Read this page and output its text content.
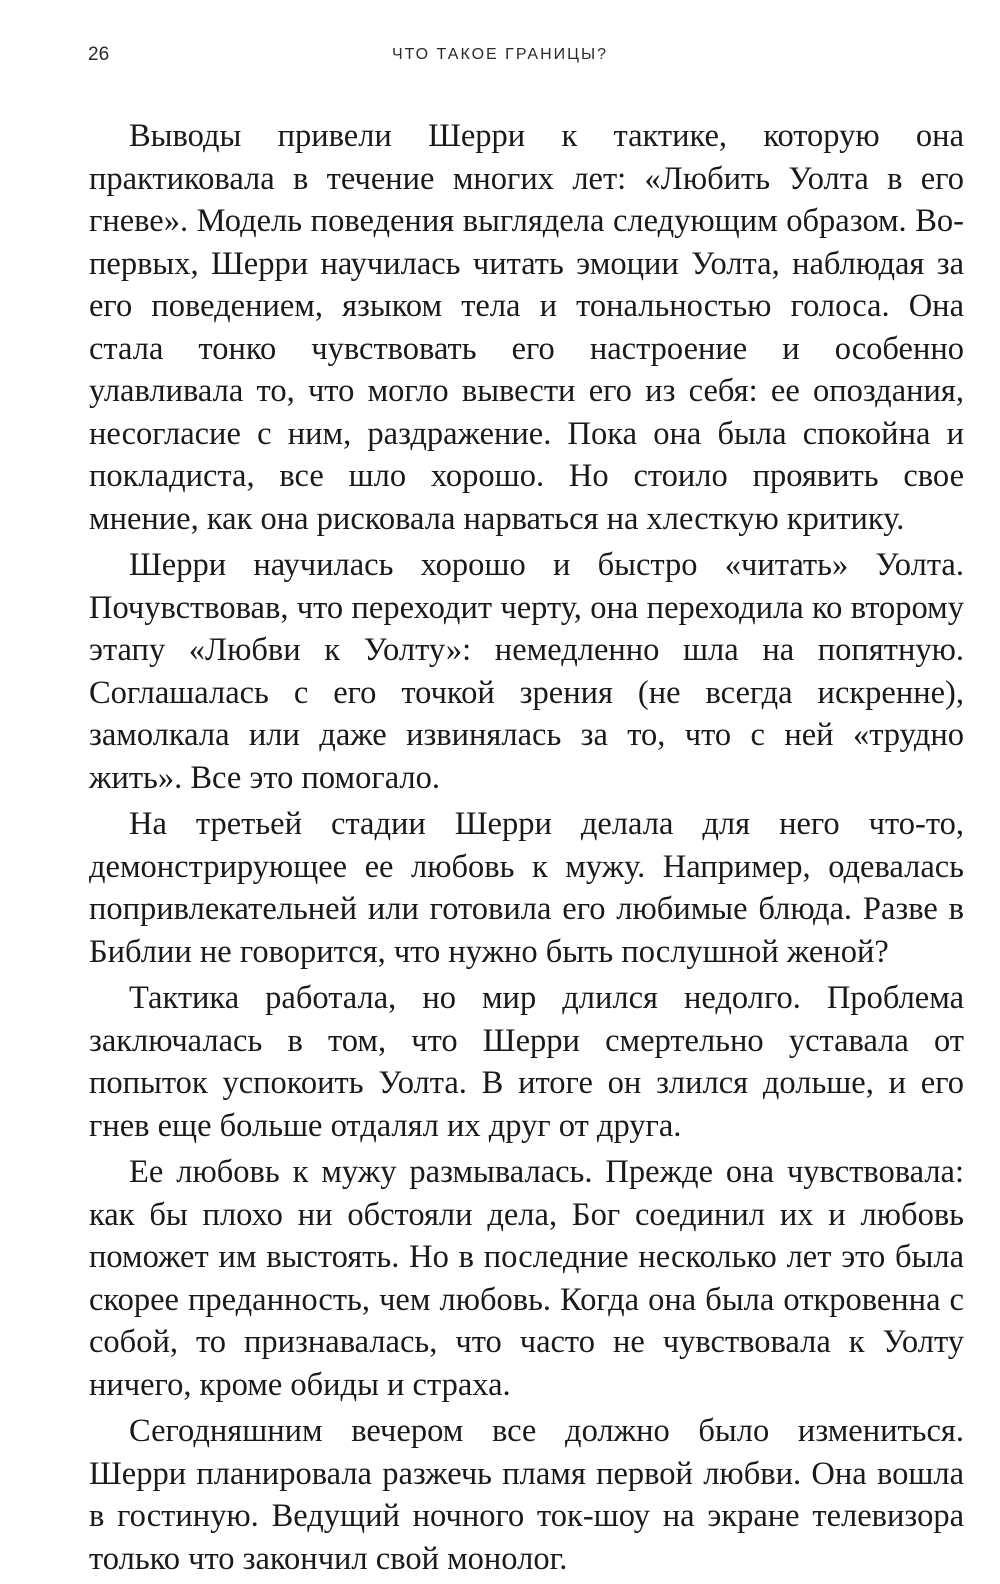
26	ЧТО ТАКОЕ ГРАНИЦЫ?

Выводы привели Шерри к тактике, которую она практиковала в течение многих лет: «Любить Уолта в его гневе». Модель поведения выглядела следующим образом. Во-первых, Шерри научилась читать эмоции Уолта, наблюдая за его поведением, языком тела и тональностью голоса. Она стала тонко чувствовать его настроение и особенно улавливала то, что могло вывести его из себя: ее опоздания, несогласие с ним, раздражение. Пока она была спокойна и покладиста, все шло хорошо. Но стоило проявить свое мнение, как она рисковала нарваться на хлесткую критику.

Шерри научилась хорошо и быстро «читать» Уолта. Почувствовав, что переходит черту, она переходила ко второму этапу «Любви к Уолту»: немедленно шла на попятную. Соглашалась с его точкой зрения (не всегда искренне), замолкала или даже извинялась за то, что с ней «трудно жить». Все это помогало.

На третьей стадии Шерри делала для него что-то, демонстрирующее ее любовь к мужу. Например, одевалась попривлекательней или готовила его любимые блюда. Разве в Библии не говорится, что нужно быть послушной женой?

Тактика работала, но мир длился недолго. Проблема заключалась в том, что Шерри смертельно уставала от попыток успокоить Уолта. В итоге он злился дольше, и его гнев еще больше отдалял их друг от друга.

Ее любовь к мужу размывалась. Прежде она чувствовала: как бы плохо ни обстояли дела, Бог соединил их и любовь поможет им выстоять. Но в последние несколько лет это была скорее преданность, чем любовь. Когда она была откровенна с собой, то признавалась, что часто не чувствовала к Уолту ничего, кроме обиды и страха.

Сегодняшним вечером все должно было измениться. Шерри планировала разжечь пламя первой любви. Она вошла в гостиную. Ведущий ночного ток-шоу на экране телевизора только что закончил свой монолог.
